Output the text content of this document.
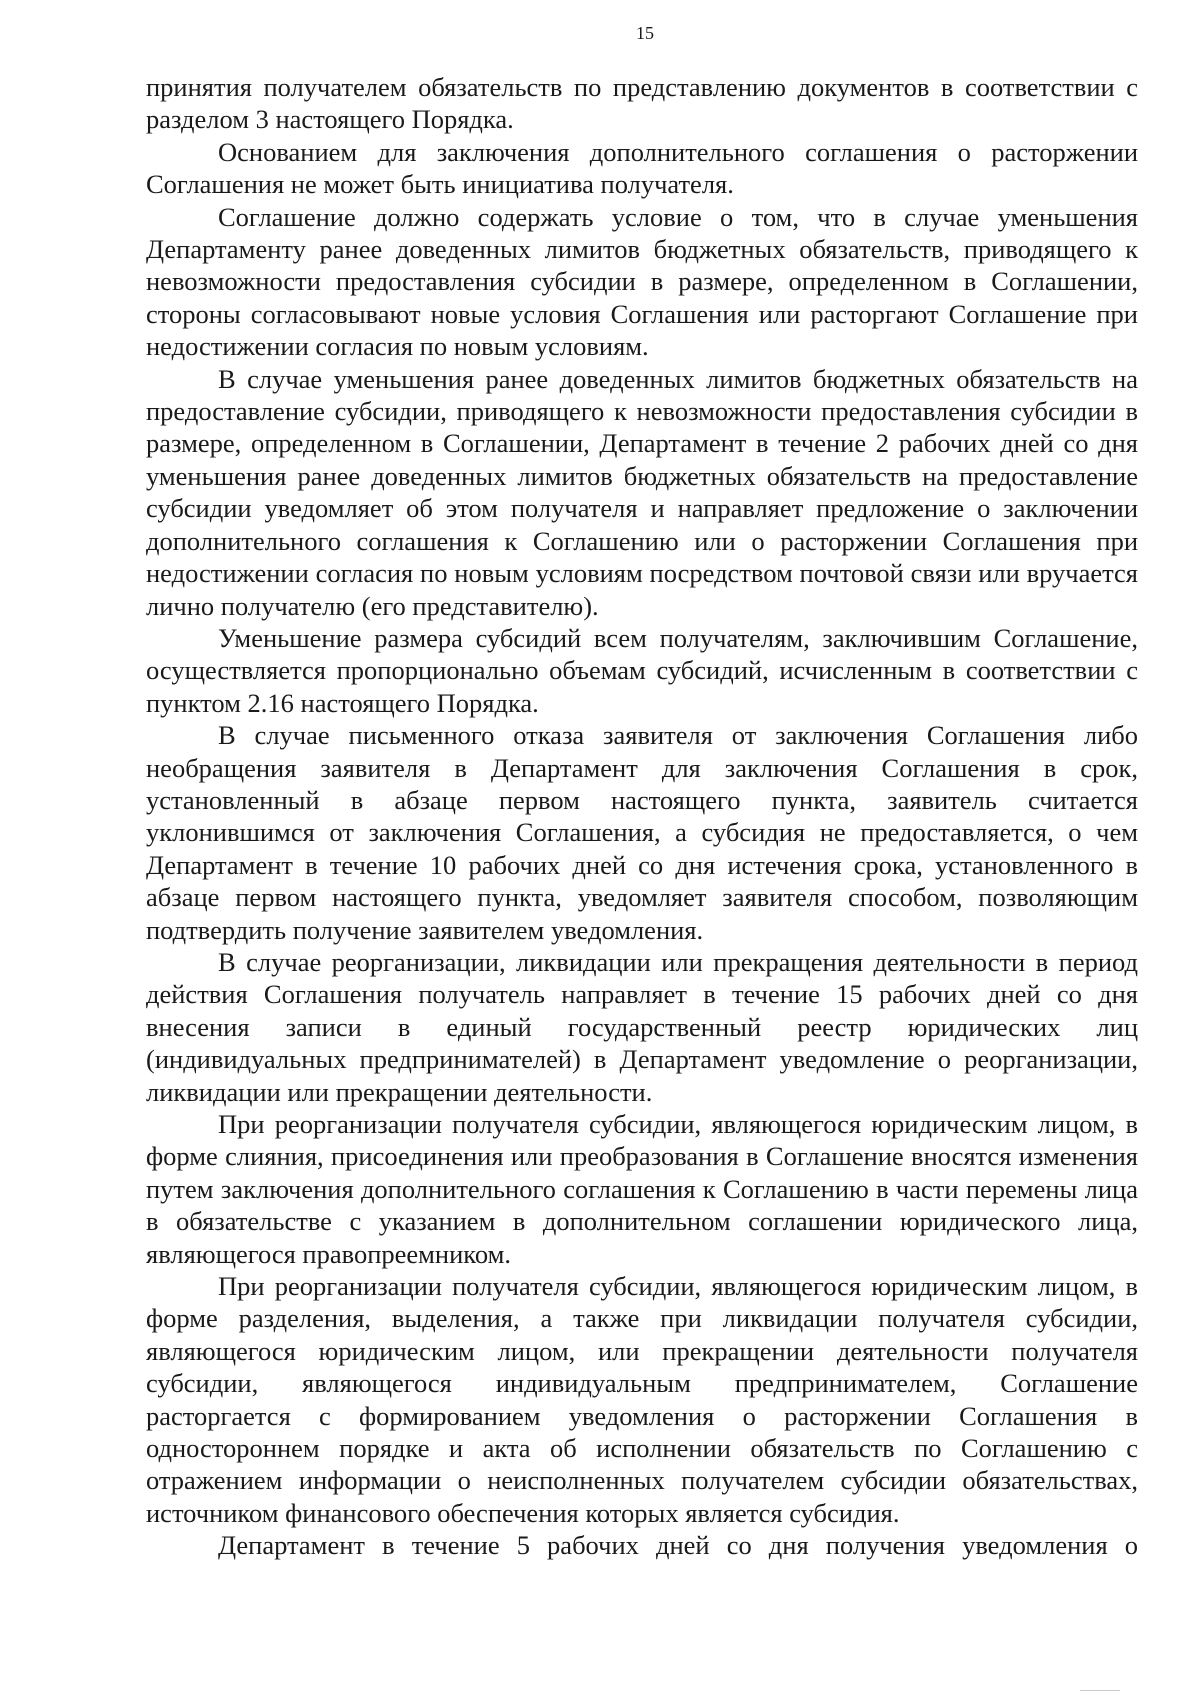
15

принятия получателем обязательств по представлению документов в соответствии с разделом 3 настоящего Порядка.

Основанием для заключения дополнительного соглашения о расторжении Соглашения не может быть инициатива получателя.

Соглашение должно содержать условие о том, что в случае уменьшения Департаменту ранее доведенных лимитов бюджетных обязательств, приводящего к невозможности предоставления субсидии в размере, определенном в Соглашении, стороны согласовывают новые условия Соглашения или расторгают Соглашение при недостижении согласия по новым условиям.

В случае уменьшения ранее доведенных лимитов бюджетных обязательств на предоставление субсидии, приводящего к невозможности предоставления субсидии в размере, определенном в Соглашении, Департамент в течение 2 рабочих дней со дня уменьшения ранее доведенных лимитов бюджетных обязательств на предоставление субсидии уведомляет об этом получателя и направляет предложение о заключении дополнительного соглашения к Соглашению или о расторжении Соглашения при недостижении согласия по новым условиям посредством почтовой связи или вручается лично получателю (его представителю).

Уменьшение размера субсидий всем получателям, заключившим Соглашение, осуществляется пропорционально объемам субсидий, исчисленным в соответствии с пунктом 2.16 настоящего Порядка.

В случае письменного отказа заявителя от заключения Соглашения либо необращения заявителя в Департамент для заключения Соглашения в срок, установленный в абзаце первом настоящего пункта, заявитель считается уклонившимся от заключения Соглашения, а субсидия не предоставляется, о чем Департамент в течение 10 рабочих дней со дня истечения срока, установленного в абзаце первом настоящего пункта, уведомляет заявителя способом, позволяющим подтвердить получение заявителем уведомления.

В случае реорганизации, ликвидации или прекращения деятельности в период действия Соглашения получатель направляет в течение 15 рабочих дней со дня внесения записи в единый государственный реестр юридических лиц (индивидуальных предпринимателей) в Департамент уведомление о реорганизации, ликвидации или прекращении деятельности.

При реорганизации получателя субсидии, являющегося юридическим лицом, в форме слияния, присоединения или преобразования в Соглашение вносятся изменения путем заключения дополнительного соглашения к Соглашению в части перемены лица в обязательстве с указанием в дополнительном соглашении юридического лица, являющегося правопреемником.

При реорганизации получателя субсидии, являющегося юридическим лицом, в форме разделения, выделения, а также при ликвидации получателя субсидии, являющегося юридическим лицом, или прекращении деятельности получателя субсидии, являющегося индивидуальным предпринимателем, Соглашение расторгается с формированием уведомления о расторжении Соглашения в одностороннем порядке и акта об исполнении обязательств по Соглашению с отражением информации о неисполненных получателем субсидии обязательствах, источником финансового обеспечения которых является субсидия.

Департамент в течение 5 рабочих дней со дня получения уведомления о
